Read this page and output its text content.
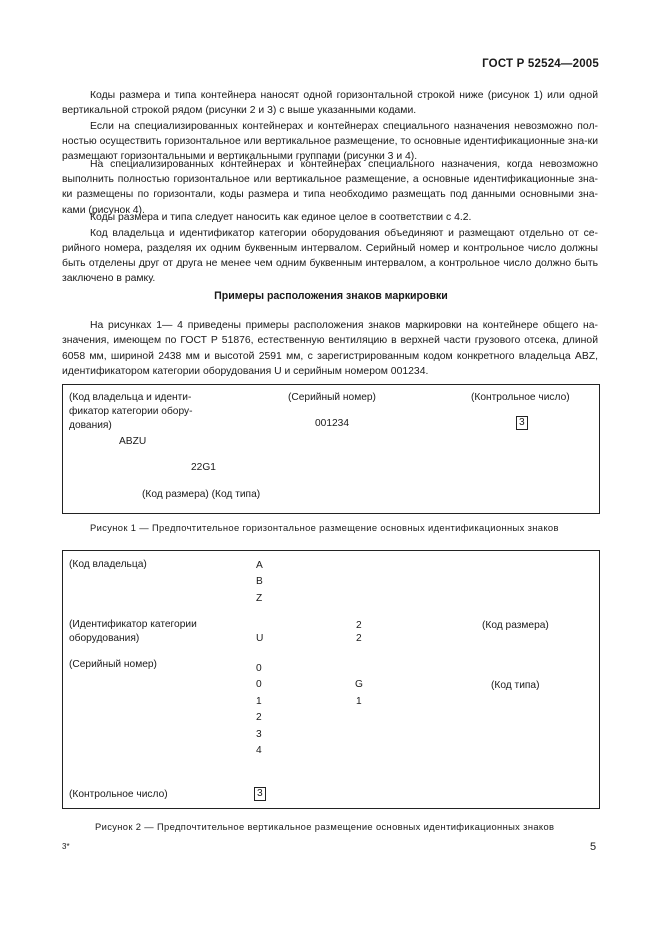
ГОСТ Р 52524—2005

Коды размера и типа контейнера наносят одной горизонтальной строкой ниже (рисунок 1) или одной вертикальной строкой рядом (рисунки 2 и 3) с выше указанными кодами.

Если на специализированных контейнерах и контейнерах специального назначения невозможно пол-ностью осуществить горизонтальное или вертикальное размещение, то основные идентификационные зна-ки размещают горизонтальными и вертикальными группами (рисунки 3 и 4).

На специализированных контейнерах и контейнерах специального назначения, когда невозможно выполнить полностью горизонтальное или вертикальное размещение, а основные идентификационные зна-ки размещены по горизонтали, коды размера и типа необходимо размещать под данными основными зна-ками (рисунок 4).

Коды размера и типа следует наносить как единое целое в соответствии с 4.2.

Код владельца и идентификатор категории оборудования объединяют и размещают отдельно от се-рийного номера, разделяя их одним буквенным интервалом. Серийный номер и контрольное число должны быть отделены друг от друга не менее чем одним буквенным интервалом, а контрольное число должно быть заключено в рамку.

Примеры расположения знаков маркировки

На рисунках 1— 4 приведены примеры расположения знаков маркировки на контейнере общего на-значения, имеющем по ГОСТ Р 51876, естественную вентиляцию в верхней части грузового отсека, длиной 6058 мм, шириной 2438 мм и высотой 2591 мм, с зарегистрированным кодом конкретного владельца ABZ, идентификатором категории оборудования U и серийным номером 001234.

(Код владельца и иденти-
фикатор категории обору-
дования)
(Серийный номер)	(Контрольное число)
001234	3
ABZU
22G1
(Код размера) (Код типа)
Рисунок 1 — Предпочтительное горизонтальное размещение основных идентификационных знаков
(Код владельца)	A
B
Z
(Идентификатор категории
оборудования)	U
2
2
(Код размера)
(Серийный номер)	0
0
1
2
3
4
G
1
(Код типа)
(Контрольное число)	3
Рисунок 2 — Предпочтительное вертикальное размещение основных идентификационных знаков
3*	5
